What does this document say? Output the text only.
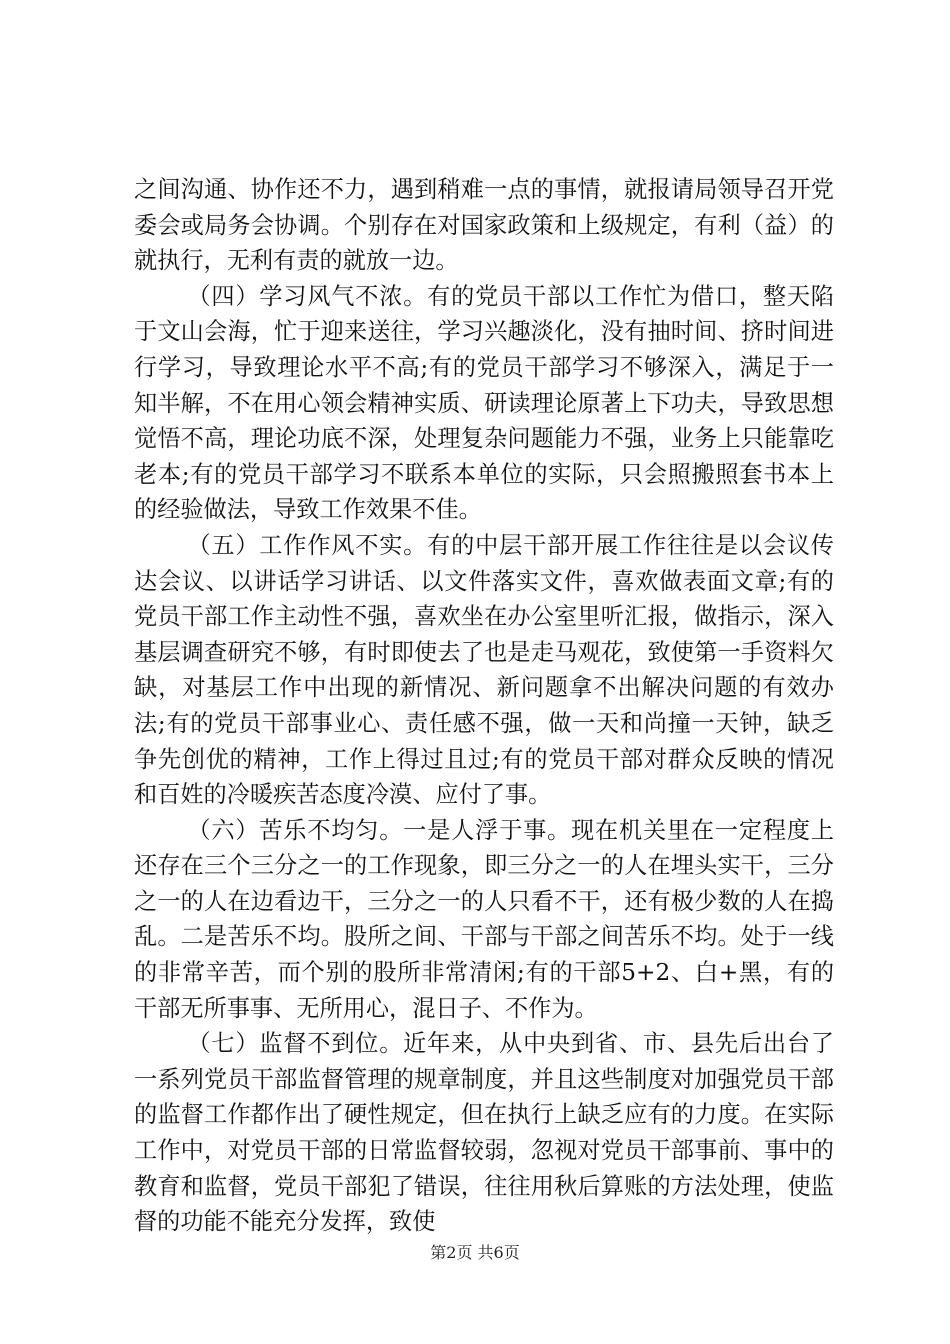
之间沟通、协作还不力，遇到稍难一点的事情，就报请局领导召开党委会或局务会协调。个别存在对国家政策和上级规定，有利（益）的就执行，无利有责的就放一边。

（四）学习风气不浓。有的党员干部以工作忙为借口，整天陷于文山会海，忙于迎来送往，学习兴趣淡化，没有抽时间、挤时间进行学习，导致理论水平不高;有的党员干部学习不够深入，满足于一知半解，不在用心领会精神实质、研读理论原著上下功夫，导致思想觉悟不高，理论功底不深，处理复杂问题能力不强，业务上只能靠吃老本;有的党员干部学习不联系本单位的实际，只会照搬照套书本上的经验做法，导致工作效果不佳。

（五）工作作风不实。有的中层干部开展工作往往是以会议传达会议、以讲话学习讲话、以文件落实文件，喜欢做表面文章;有的党员干部工作主动性不强，喜欢坐在办公室里听汇报，做指示，深入基层调查研究不够，有时即使去了也是走马观花，致使第一手资料欠缺，对基层工作中出现的新情况、新问题拿不出解决问题的有效办法;有的党员干部事业心、责任感不强，做一天和尚撞一天钟，缺乏争先创优的精神，工作上得过且过;有的党员干部对群众反映的情况和百姓的冷暖疾苦态度冷漠、应付了事。

（六）苦乐不均匀。一是人浮于事。现在机关里在一定程度上还存在三个三分之一的工作现象，即三分之一的人在埋头实干，三分之一的人在边看边干，三分之一的人只看不干，还有极少数的人在捣乱。二是苦乐不均。股所之间、干部与干部之间苦乐不均。处于一线的非常辛苦，而个别的股所非常清闲;有的干部5+2、白+黑，有的干部无所事事、无所用心，混日子、不作为。

（七）监督不到位。近年来，从中央到省、市、县先后出台了一系列党员干部监督管理的规章制度，并且这些制度对加强党员干部的监督工作都作出了硬性规定，但在执行上缺乏应有的力度。在实际工作中，对党员干部的日常监督较弱，忽视对党员干部事前、事中的教育和监督，党员干部犯了错误，往往用秋后算账的方法处理，使监督的功能不能充分发挥，致使

第2页 共6页
